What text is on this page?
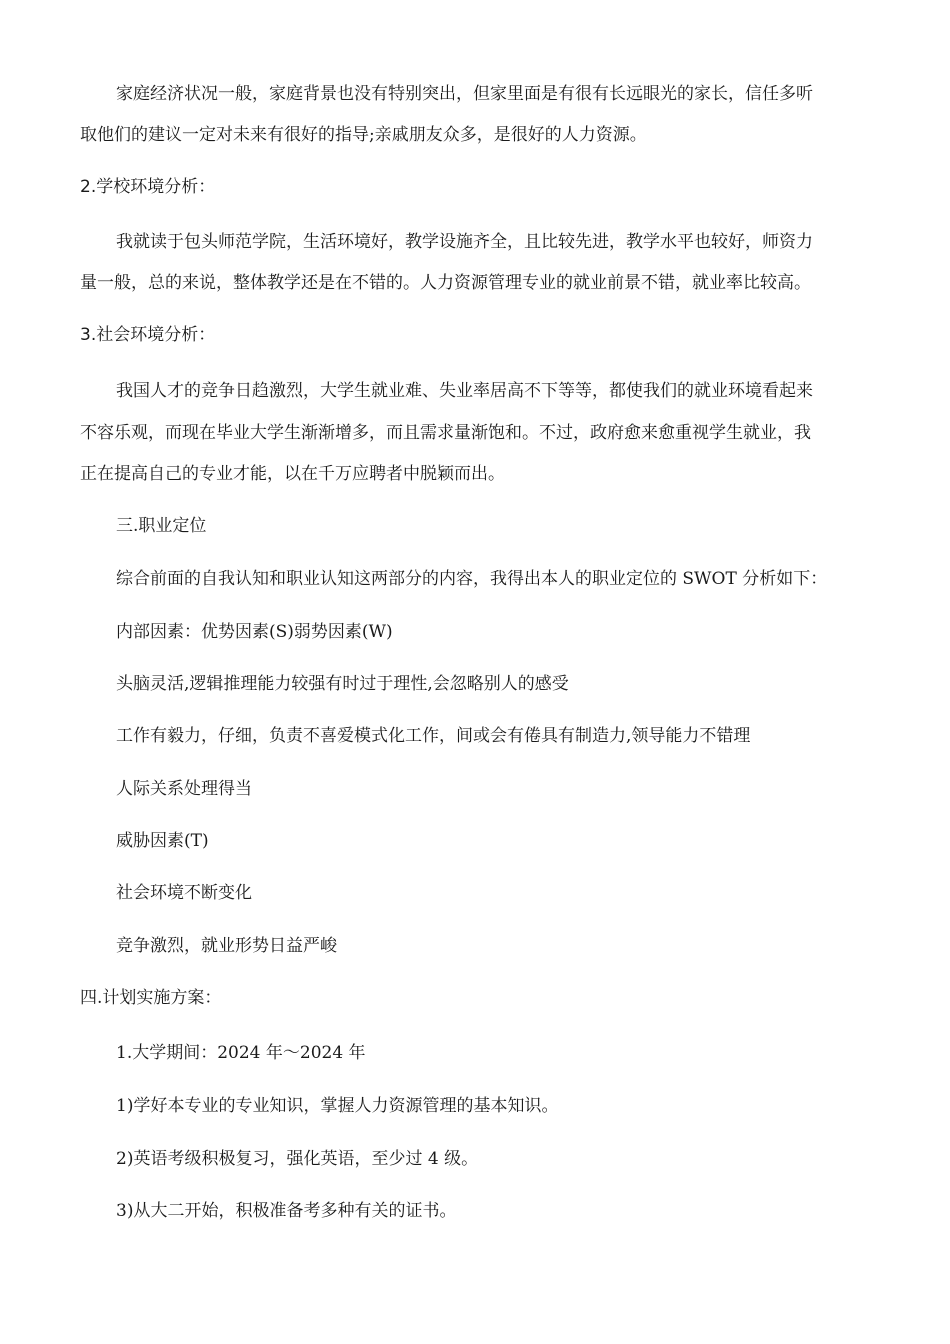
家庭经济状况一般，家庭背景也没有特别突出，但家里面是有很有长远眼光的家长，信任多听
取他们的建议一定对未来有很好的指导;亲戚朋友众多，是很好的人力资源。
2.学校环境分析：
我就读于包头师范学院，生活环境好，教学设施齐全，且比较先进，教学水平也较好，师资力
量一般，总的来说，整体教学还是在不错的。人力资源管理专业的就业前景不错，就业率比较高。
3.社会环境分析：
我国人才的竞争日趋激烈，大学生就业难、失业率居高不下等等，都使我们的就业环境看起来
不容乐观，而现在毕业大学生渐渐增多，而且需求量渐饱和。不过，政府愈来愈重视学生就业，我
正在提高自己的专业才能，以在千万应聘者中脱颖而出。
三.职业定位
综合前面的自我认知和职业认知这两部分的内容，我得出本人的职业定位的 SWOT 分析如下：
内部因素：优势因素(S)弱势因素(W)
头脑灵活,逻辑推理能力较强有时过于理性,会忽略别人的感受
工作有毅力，仔细，负责不喜爱模式化工作，间或会有倦具有制造力,领导能力不错理
人际关系处理得当
威胁因素(T)
社会环境不断变化
竞争激烈，就业形势日益严峻
四.计划实施方案：
1.大学期间：2024 年～2024 年
1)学好本专业的专业知识，掌握人力资源管理的基本知识。
2)英语考级积极复习，强化英语，至少过 4 级。
3)从大二开始，积极准备考多种有关的证书。
